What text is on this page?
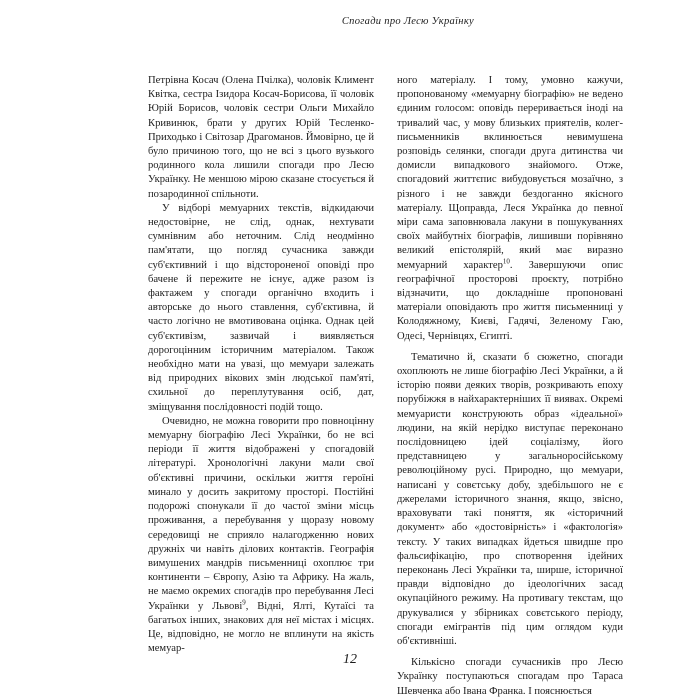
Спогади про Лесю Українку

Петрівна Косач (Олена Пчілка), чоловік Климент Квітка, сестра Ізидора Косач-Борисова, її чоловік Юрій Борисов, чоловік сестри Ольги Михайло Кривинюк, брати у других Юрій Тесленко-Приходько і Світозар Драгоманов. Ймовірно, це й було причиною того, що не всі з цього вузького родинного кола лишили спогади про Лесю Українку. Не меншою мірою сказане стосується й позародинної спільноти.

У відборі мемуарних текстів, відкидаючи недостовірне, не слід, однак, нехтувати сумнівним або неточним. Слід неодмінно пам'ятати, що погляд сучасника завжди суб'єктивний і що відстороненої оповіді про бачене й пережите не існує, адже разом із фактажем у спогади органічно входить і авторське до нього ставлення, суб'єктивна, й часто логічно не вмотивована оцінка. Однак цей суб'єктивізм, зазвичай і виявляється дорогоцінним історичним матеріалом. Також необхідно мати на увазі, що мемуари залежать від природних вікових змін людської пам'яті, схильної до переплутування осіб, дат, зміщування послідовності подій тощо.

Очевидно, не можна говорити про повноцінну мемуарну біографію Лесі Українки, бо не всі періоди її життя відображені у спогадовій літературі. Хронологічні лакуни мали свої об'єктивні причини, оскільки життя героїні минало у досить закритому просторі. Постійні подорожі спонукали її до частої зміни місць проживання, а перебування у щоразу новому середовищі не сприяло налагодженню нових дружніх чи навіть ділових контактів. Географія вимушених мандрів письменниці охоплює три континенти – Європу, Азію та Африку. На жаль, не маємо окремих спогадів про перебування Лесі Українки у Львові$^9$, Відні, Ялті, Кутаїсі та багатьох інших, знакових для неї містах і місцях. Це, відповідно, не могло не вплинути на якість мемуар-

ного матеріалу. І тому, умовно кажучи, пропонованому «мемуарну біографію» не ведено єдиним голосом: оповідь переривається іноді на тривалий час, у мову близьких приятелів, колег-письменників вклинюється невимушена розповідь селянки, спогади друга дитинства чи домисли випадкового знайомого. Отже, спогадовий життєпис вибудовується мозаїчно, з різного і не завжди бездоганно якісного матеріалу. Щоправда, Леся Українка до певної міри сама заповнювала лакуни в пошукуваннях своїх майбутніх біографів, лишивши порівняно великий епістолярій, який має виразно мемуарний характер$^{10}$. Завершуючи опис географічної просторові проєкту, потрібно відзначити, що докладніше пропоновані матеріали оповідають про життя письменниці у Колодяжному, Києві, Гадячі, Зеленому Гаю, Одесі, Чернівцях, Єгипті.

Тематично й, сказати б сюжетно, спогади охоплюють не лише біографію Лесі Українки, а й історію появи деяких творів, розкривають епоху порубіжжя в найхарактерніших її виявах. Окремі мемуаристи конструюють образ «ідеальної» людини, на якій нерідко виступає переконано послідовницею ідей соціалізму, його представницею у загальноросійському революційному русі. Природно, що мемуари, написані у совєтську добу, здебільшого не є джерелами історичного знання, якщо, звісно, враховувати такі поняття, як «історичний документ» або «достовірність» і «фактологія» тексту. У таких випадках йдеться швидше про фальсифікацію, про спотворення ідейних переконань Лесі Українки та, ширше, історичної правди відповідно до ідеологічних засад окупаційного режиму. На противагу текстам, що друкувалися у збірниках совєтського періоду, спогади емігрантів під цим оглядом куди об'єктивніші.

Кількісно спогади сучасників про Лесю Українку поступаються спогадам про Тараса Шевченка або Івана Франка. І пояснюється

12
